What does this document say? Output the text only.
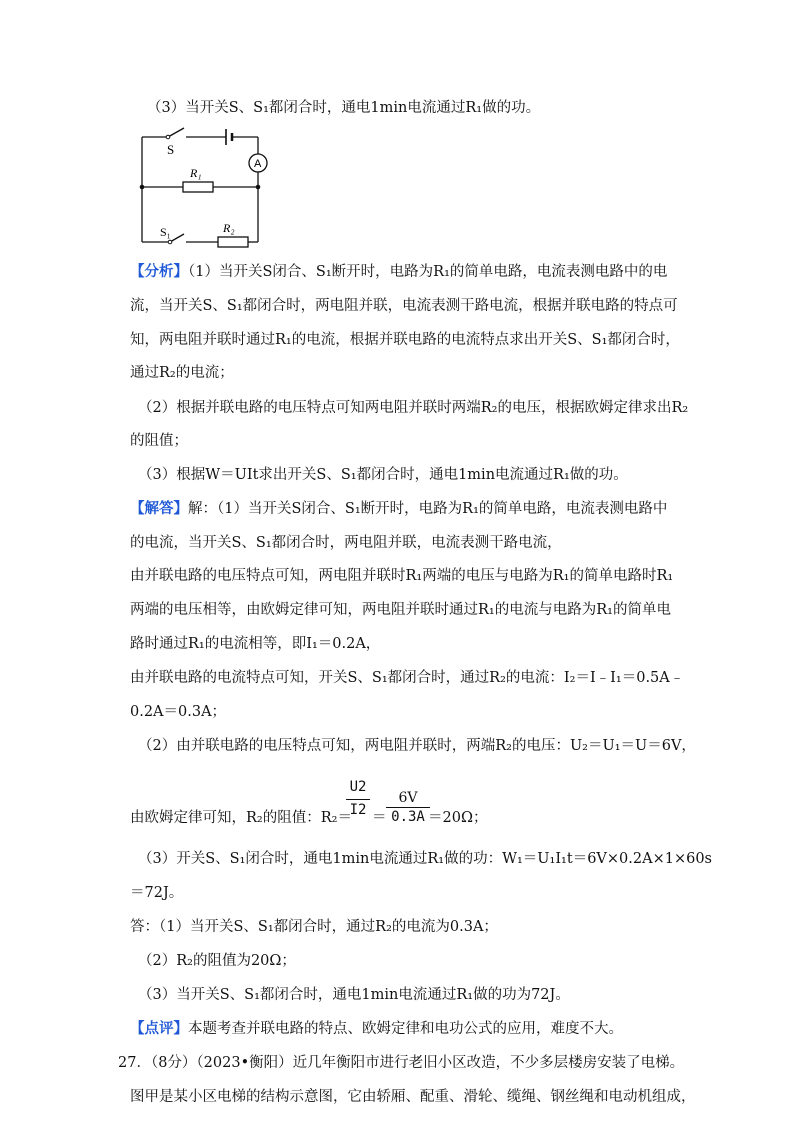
（3）当开关S、S₁都闭合时，通电1min电流通过R₁做的功。
S
A
R₁
R₂
S₁
【分析】（1）当开关S闭合、S₁断开时，电路为R₁的简单电路，电流表测电路中的电
流，当开关S、S₁都闭合时，两电阻并联，电流表测干路电流，根据并联电路的特点可
知，两电阻并联时通过R₁的电流，根据并联电路的电流特点求出开关S、S₁都闭合时，
通过R₂的电流；
（2）根据并联电路的电压特点可知两电阻并联时两端R₂的电压，根据欧姆定律求出R₂
的阻值；
（3）根据W＝UIt求出开关S、S₁都闭合时，通电1min电流通过R₁做的功。
【解答】解：（1）当开关S闭合、S₁断开时，电路为R₁的简单电路，电流表测电路中
的电流，当开关S、S₁都闭合时，两电阻并联，电流表测干路电流，
由并联电路的电压特点可知，两电阻并联时R₁两端的电压与电路为R₁的简单电路时R₁
两端的电压相等，由欧姆定律可知，两电阻并联时通过R₁的电流与电路为R₁的简单电
路时通过R₁的电流相等，即I₁＝0.2A，
由并联电路的电流特点可知，开关S、S₁都闭合时，通过R₂的电流：I₂＝I﹣I₁＝0.5A﹣
0.2A＝0.3A；
（2）由并联电路的电压特点可知，两电阻并联时，两端R₂的电压：U₂＝U₁＝U＝6V，
由欧姆定律可知，R₂的阻值：R₂＝
U2
I2 ＝
6V
0.3A ＝20Ω；
（3）开关S、S₁闭合时，通电1min电流通过R₁做的功：W₁＝U₁I₁t＝6V×0.2A×1×60s
＝72J。
答：（1）当开关S、S₁都闭合时，通过R₂的电流为0.3A；
（2）R₂的阻值为20Ω；
（3）当开关S、S₁都闭合时，通电1min电流通过R₁做的功为72J。
【点评】本题考查并联电路的特点、欧姆定律和电功公式的应用，难度不大。
27．（8分）（2023•衡阳）近几年衡阳市进行老旧小区改造，不少多层楼房安装了电梯。
图甲是某小区电梯的结构示意图，它由轿厢、配重、滑轮、缆绳、钢丝绳和电动机组成，
